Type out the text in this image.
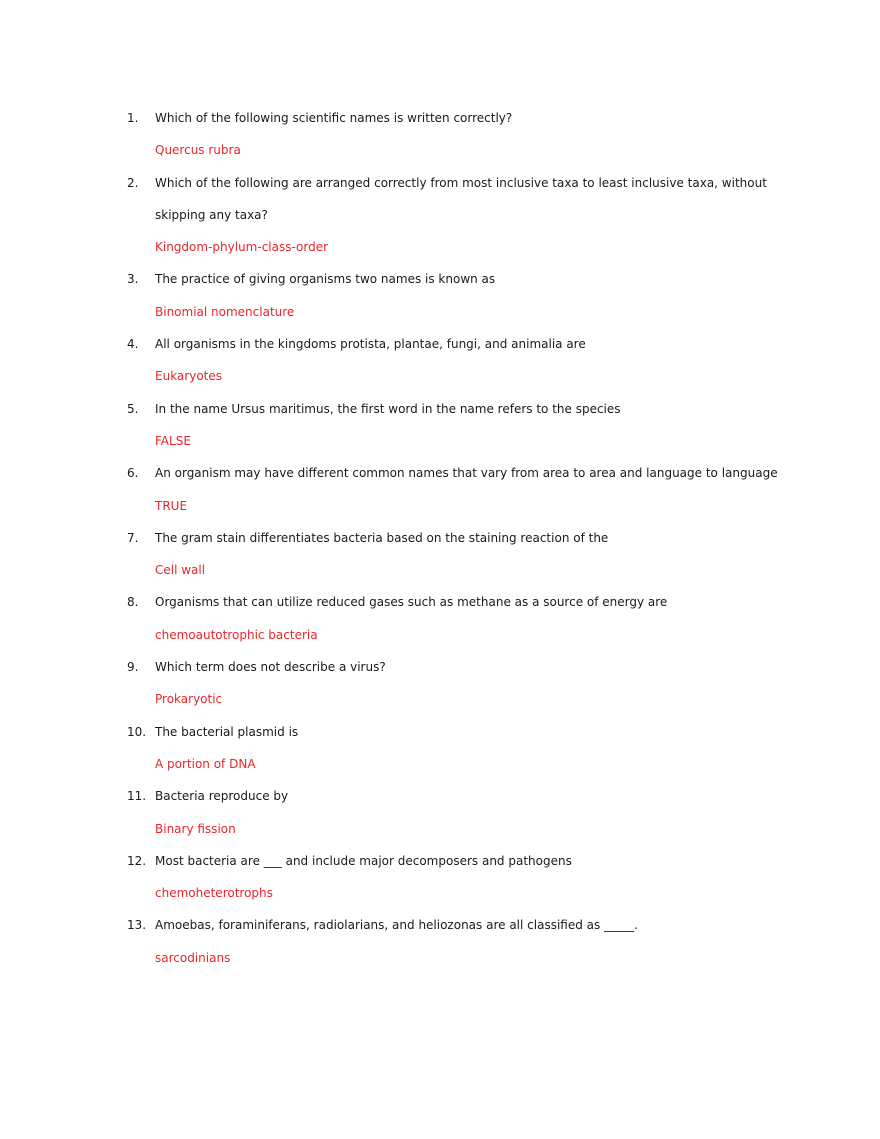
1.	Which of the following scientific names is written correctly?
Quercus rubra
2.	Which of the following are arranged correctly from most inclusive taxa to least inclusive taxa, without
skipping any taxa?
Kingdom-phylum-class-order
3.	The practice of giving organisms two names is known as
Binomial nomenclature
4.	All organisms in the kingdoms protista, plantae, fungi, and animalia are
Eukaryotes
5.	In the name Ursus maritimus, the first word in the name refers to the species
FALSE
6.	An organism may have different common names that vary from area to area and language to language
TRUE
7.	The gram stain differentiates bacteria based on the staining reaction of the
Cell wall
8.	Organisms that can utilize reduced gases such as methane as a source of energy are
chemoautotrophic bacteria
9.	Which term does not describe a virus?
Prokaryotic
10. The bacterial plasmid is
A portion of DNA
11. Bacteria reproduce by
Binary fission
12. Most bacteria are ___ and include major decomposers and pathogens
chemoheterotrophs
13. Amoebas, foraminiferans, radiolarians, and heliozonas are all classified as _____.
sarcodinians
